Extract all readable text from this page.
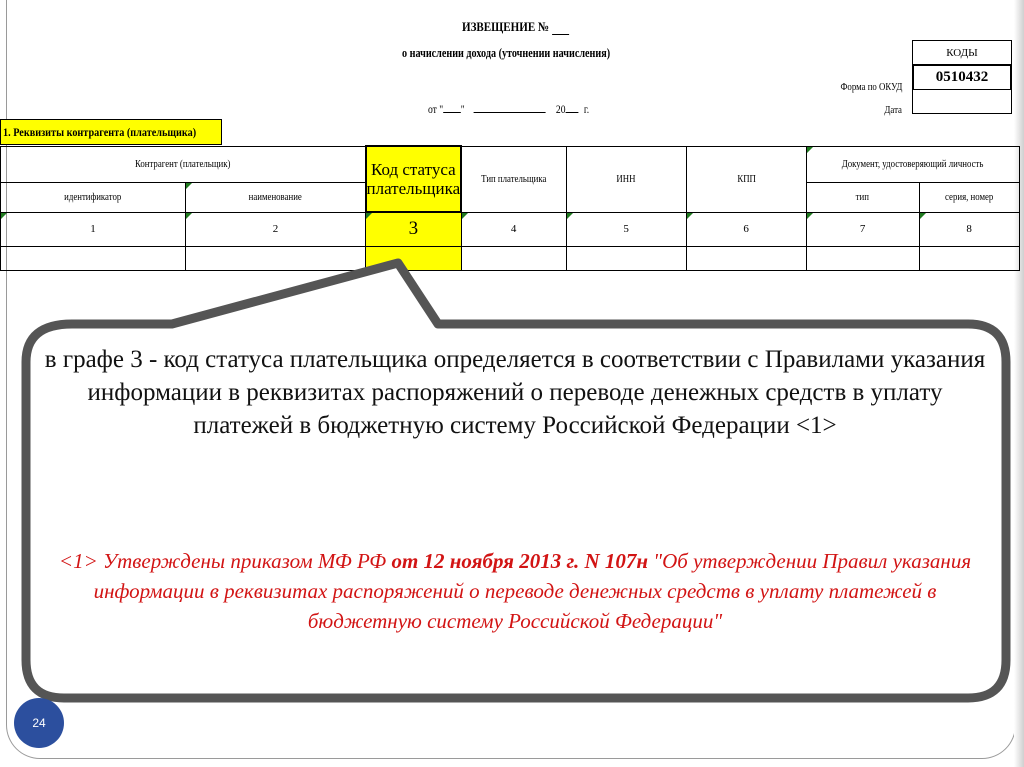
ИЗВЕЩЕНИЕ №
о начислении дохода (уточнении начисления)
от " "	20 г.
Форма по ОКУД
Дата
КОДЫ
0510432
1. Реквизиты контрагента (плательщика)
Контрагент (плательщик)		Код статуса плательщика	Тип плательщика	ИНН	КПП	Документ, удостоверяющий личность	
идентификатор	наименование					тип	серия, номер

1	2	3	4	5	6	7	8

в графе 3 - код статуса плательщика определяется в соответствии с Правилами указания информации в реквизитах распоряжений о переводе денежных средств в уплату платежей в бюджетную систему Российской Федерации <1>
<1> Утверждены приказом МФ РФ от 12 ноября 2013 г. N 107н "Об утверждении Правил указания информации в реквизитах распоряжений о переводе денежных средств в уплату платежей в бюджетную систему Российской Федерации"
24
